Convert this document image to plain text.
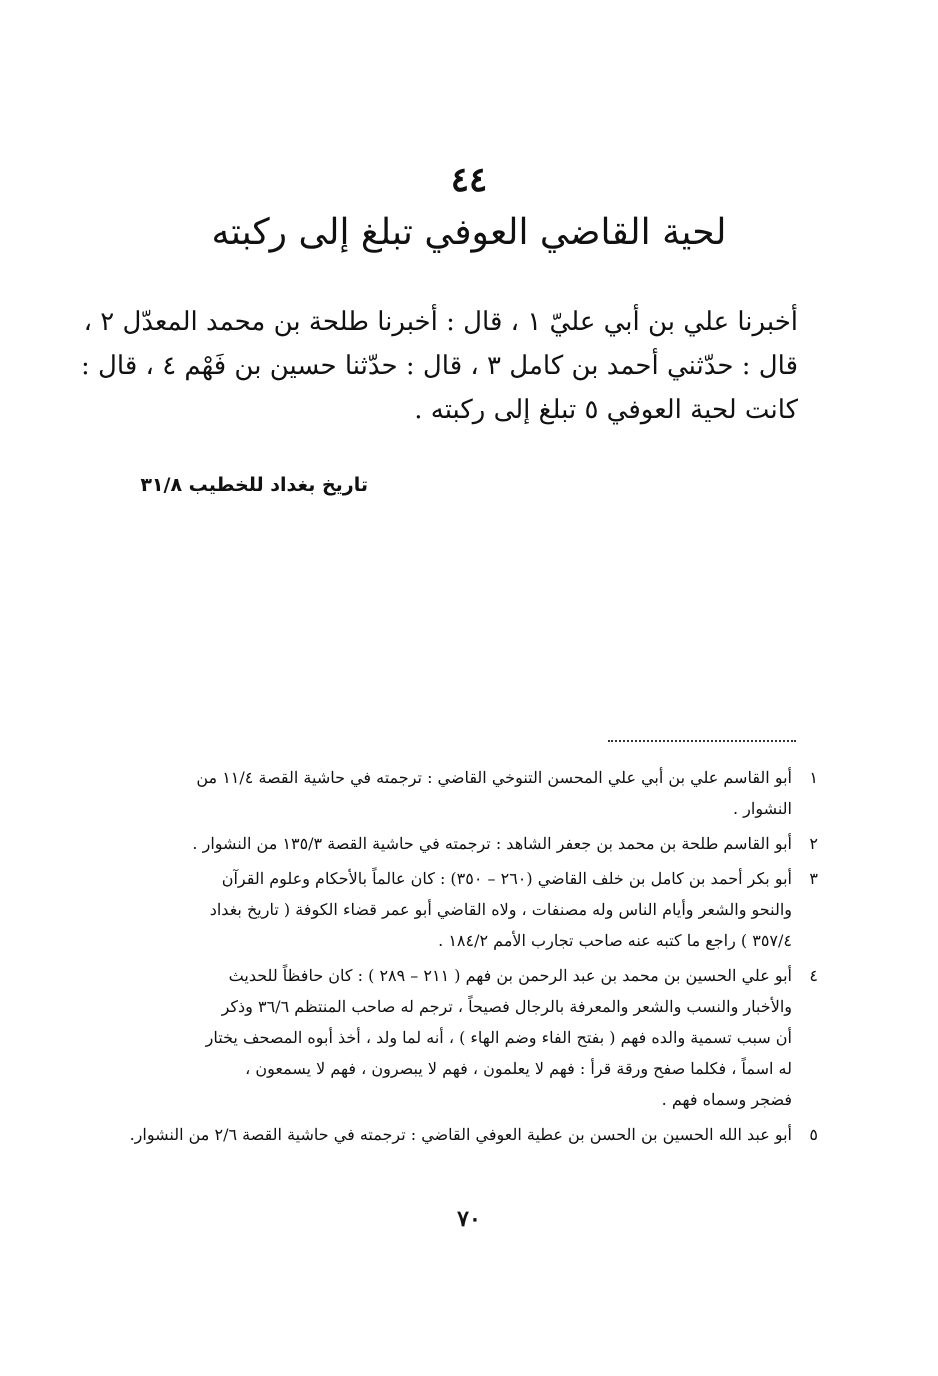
٤٤
لحية القاضي العوفي تبلغ إلى ركبته
أخبرنا علي بن أبي عليّ ١ ، قال : أخبرنا طلحة بن محمد المعدّل ٢ ،
قال : حدّثني أحمد بن كامل ٣ ، قال : حدّثنا حسين بن فَهْم ٤ ، قال :
كانت لحية العوفي ٥ تبلغ إلى ركبته .
تاريخ بغداد للخطيب ٣١/٨
١
أبو القاسم علي بن أبي علي المحسن التنوخي القاضي : ترجمته في حاشية القصة ١١/٤ من
النشوار .
٢
أبو القاسم طلحة بن محمد بن جعفر الشاهد : ترجمته في حاشية القصة ١٣٥/٣ من النشوار .
٣
أبو بكر أحمد بن كامل بن خلف القاضي (٢٦٠ – ٣٥٠) : كان عالماً بالأحكام وعلوم القرآن
والنحو والشعر وأيام الناس وله مصنفات ، ولاه القاضي أبو عمر قضاء الكوفة ( تاريخ بغداد
٣٥٧/٤ ) راجع ما كتبه عنه صاحب تجارب الأمم ١٨٤/٢ .
٤
أبو علي الحسين بن محمد بن عبد الرحمن بن فهم ( ٢١١ – ٢٨٩ ) : كان حافظاً للحديث
والأخبار والنسب والشعر والمعرفة بالرجال فصيحاً ، ترجم له صاحب المنتظم ٣٦/٦ وذكر
أن سبب تسمية والده فهم ( بفتح الفاء وضم الهاء ) ، أنه لما ولد ، أخذ أبوه المصحف يختار
له اسماً ، فكلما صفح ورقة قرأ : فهم لا يعلمون ، فهم لا يبصرون ، فهم لا يسمعون ،
فضجر وسماه فهم .
٥
أبو عبد الله الحسين بن الحسن بن عطية العوفي القاضي : ترجمته في حاشية القصة ٢/٦ من النشوار.
٧٠
